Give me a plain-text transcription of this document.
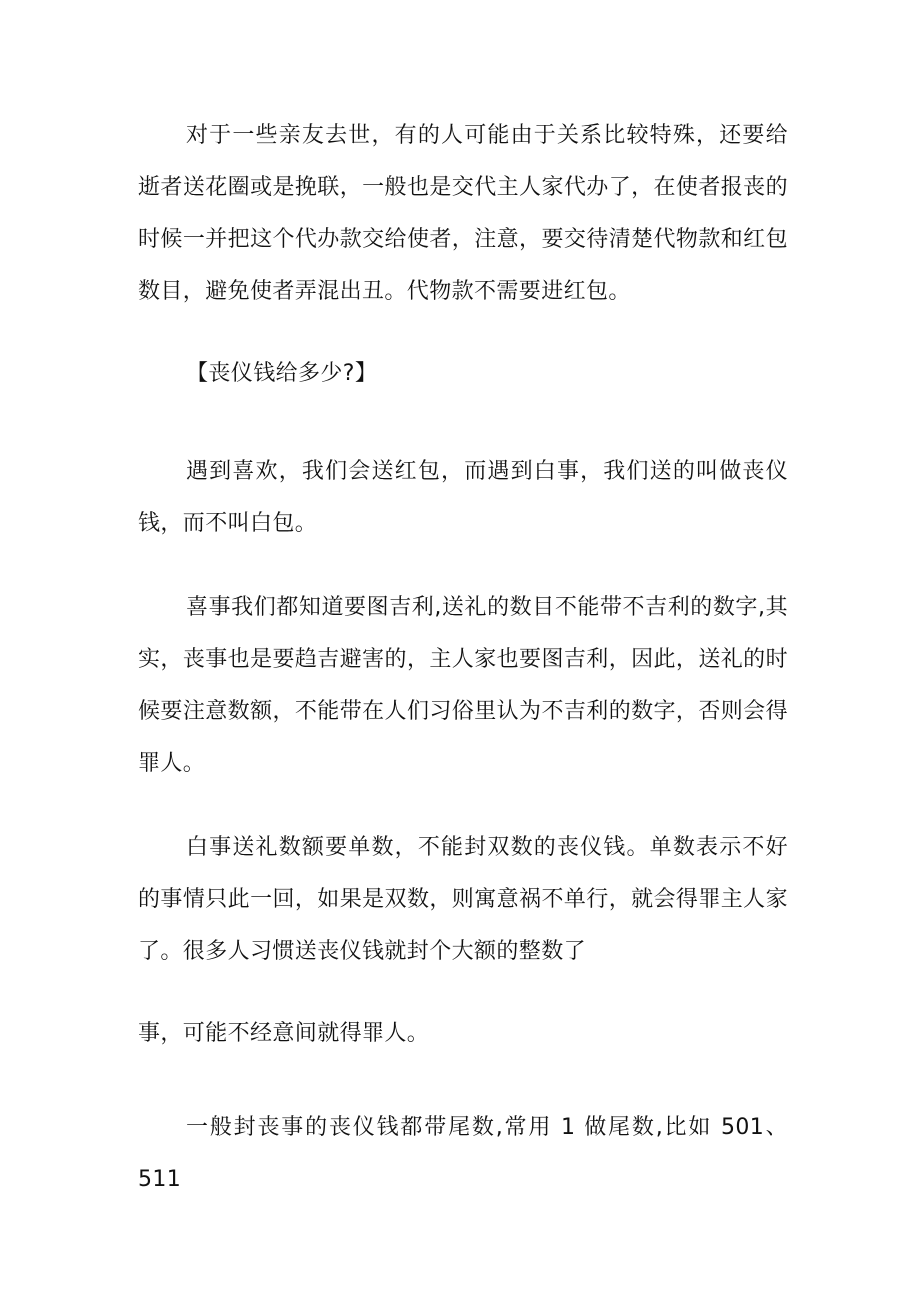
对于一些亲友去世，有的人可能由于关系比较特殊，还要给逝者送花圈或是挽联，一般也是交代主人家代办了，在使者报丧的时候一并把这个代办款交给使者，注意，要交待清楚代物款和红包数目，避免使者弄混出丑。代物款不需要进红包。

【丧仪钱给多少?】

遇到喜欢，我们会送红包，而遇到白事，我们送的叫做丧仪钱，而不叫白包。

喜事我们都知道要图吉利,送礼的数目不能带不吉利的数字,其实，丧事也是要趋吉避害的，主人家也要图吉利，因此，送礼的时候要注意数额，不能带在人们习俗里认为不吉利的数字，否则会得罪人。

白事送礼数额要单数，不能封双数的丧仪钱。单数表示不好的事情只此一回，如果是双数，则寓意祸不单行，就会得罪主人家了。很多人习惯送丧仪钱就封个大额的整数了

事，可能不经意间就得罪人。

一般封丧事的丧仪钱都带尾数,常用 1 做尾数,比如 501、511
